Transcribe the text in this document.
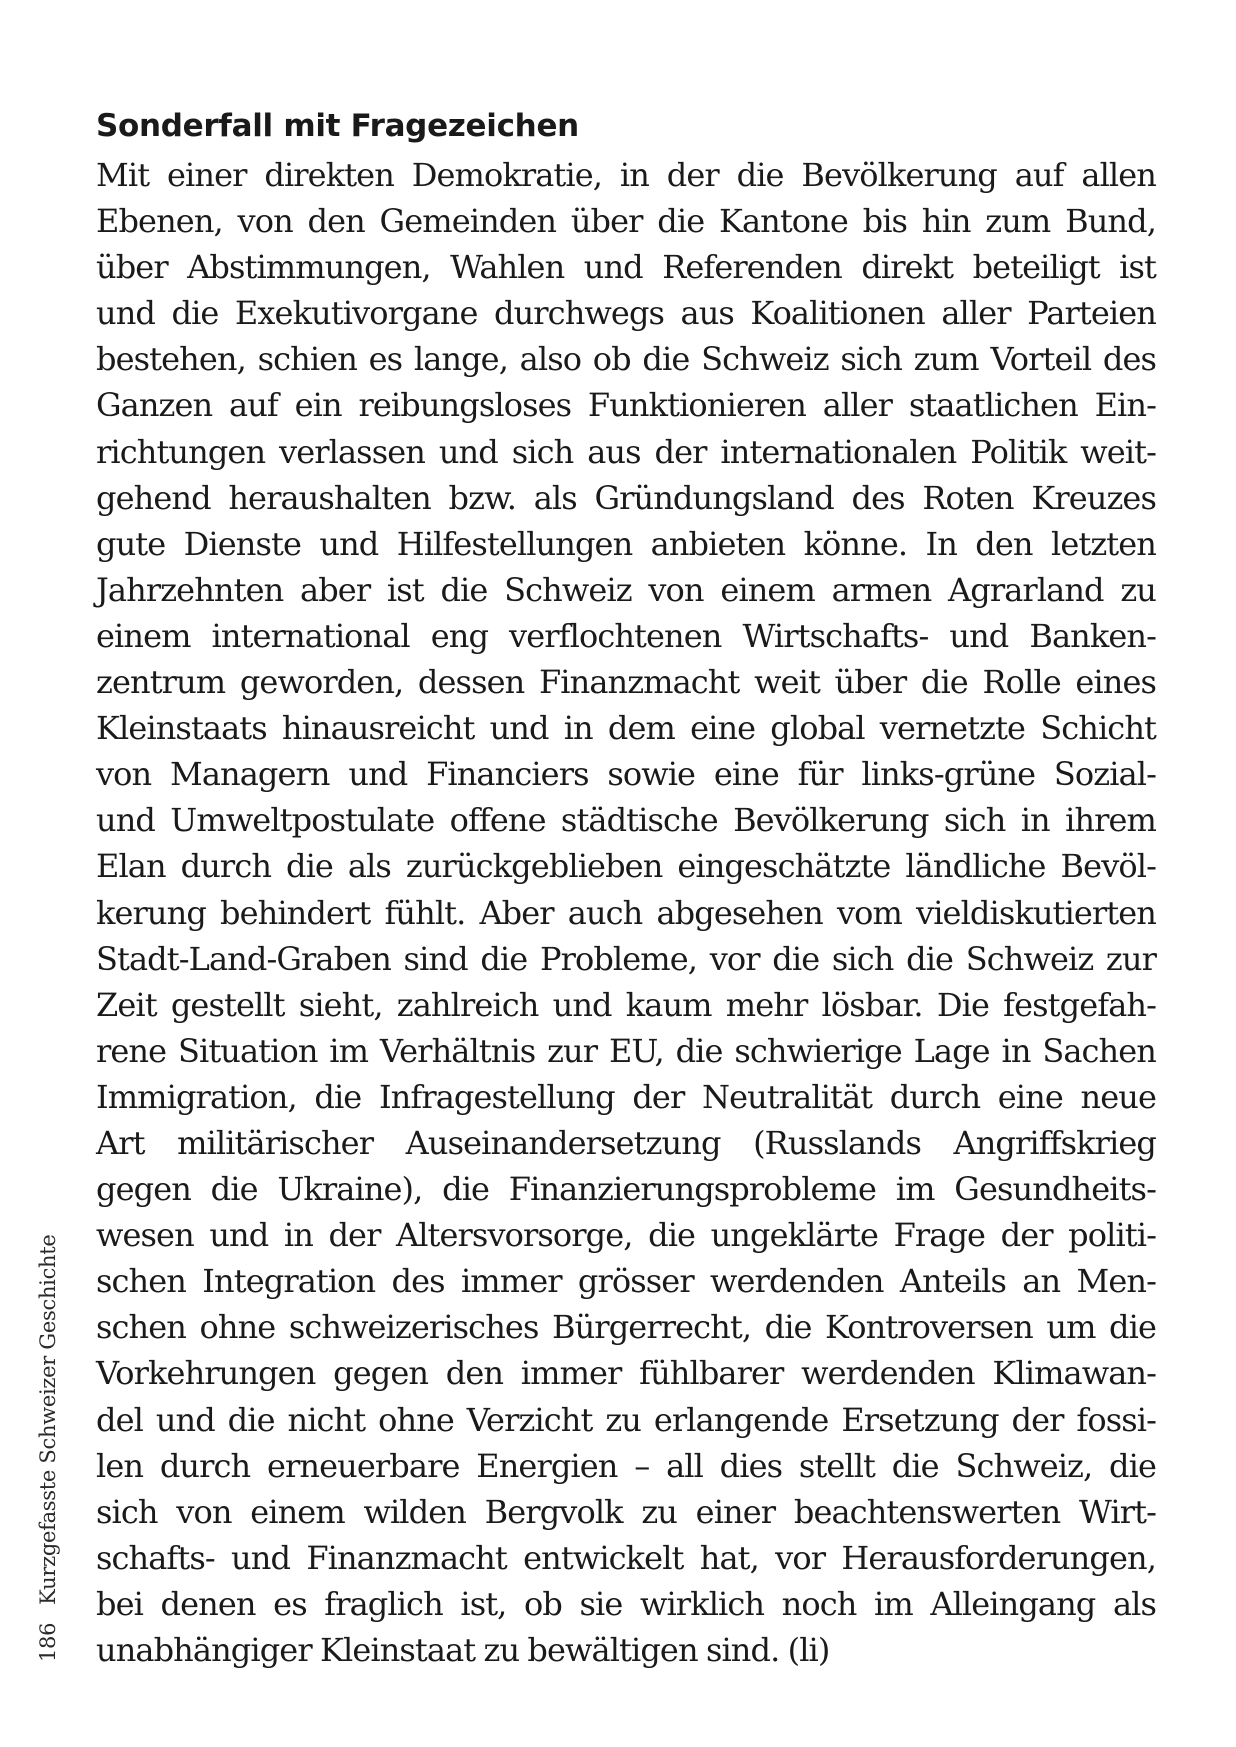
Sonderfall mit Fragezeichen
Mit einer direkten Demokratie, in der die Bevölkerung auf allen
Ebenen, von den Gemeinden über die Kantone bis hin zum Bund,
über Abstimmungen, Wahlen und Referenden direkt beteiligt ist
und die Exekutivorgane durchwegs aus Koalitionen aller Parteien
bestehen, schien es lange, also ob die Schweiz sich zum Vorteil des
Ganzen auf ein reibungsloses Funktionieren aller staatlichen Ein-
richtungen verlassen und sich aus der internationalen Politik weit-
gehend heraushalten bzw. als Gründungsland des Roten Kreuzes
gute Dienste und Hilfestellungen anbieten könne. In den letzten
Jahrzehnten aber ist die Schweiz von einem armen Agrarland zu
einem international eng verflochtenen Wirtschafts- und Banken-
zentrum geworden, dessen Finanzmacht weit über die Rolle eines
Kleinstaats hinausreicht und in dem eine global vernetzte Schicht
von Managern und Financiers sowie eine für links-grüne Sozial-
und Umweltpostulate offene städtische Bevölkerung sich in ihrem
Elan durch die als zurückgeblieben eingeschätzte ländliche Bevöl-
kerung behindert fühlt. Aber auch abgesehen vom vieldiskutierten
Stadt-Land-Graben sind die Probleme, vor die sich die Schweiz zur
Zeit gestellt sieht, zahlreich und kaum mehr lösbar. Die festgefah-
rene Situation im Verhältnis zur EU, die schwierige Lage in Sachen
Immigration, die Infragestellung der Neutralität durch eine neue
Art militärischer Auseinandersetzung (Russlands Angriffskrieg
gegen die Ukraine), die Finanzierungsprobleme im Gesundheits-
wesen und in der Altersvorsorge, die ungeklärte Frage der politi-
schen Integration des immer grösser werdenden Anteils an Men-
schen ohne schweizerisches Bürgerrecht, die Kontroversen um die
Vorkehrungen gegen den immer fühlbarer werdenden Klimawan-
del und die nicht ohne Verzicht zu erlangende Ersetzung der fossi-
len durch erneuerbare Energien – all dies stellt die Schweiz, die
sich von einem wilden Bergvolk zu einer beachtenswerten Wirt-
schafts- und Finanzmacht entwickelt hat, vor Herausforderungen,
bei denen es fraglich ist, ob sie wirklich noch im Alleingang als
unabhängiger Kleinstaat zu bewältigen sind. (li)
186Kurzgefasste Schweizer Geschichte
